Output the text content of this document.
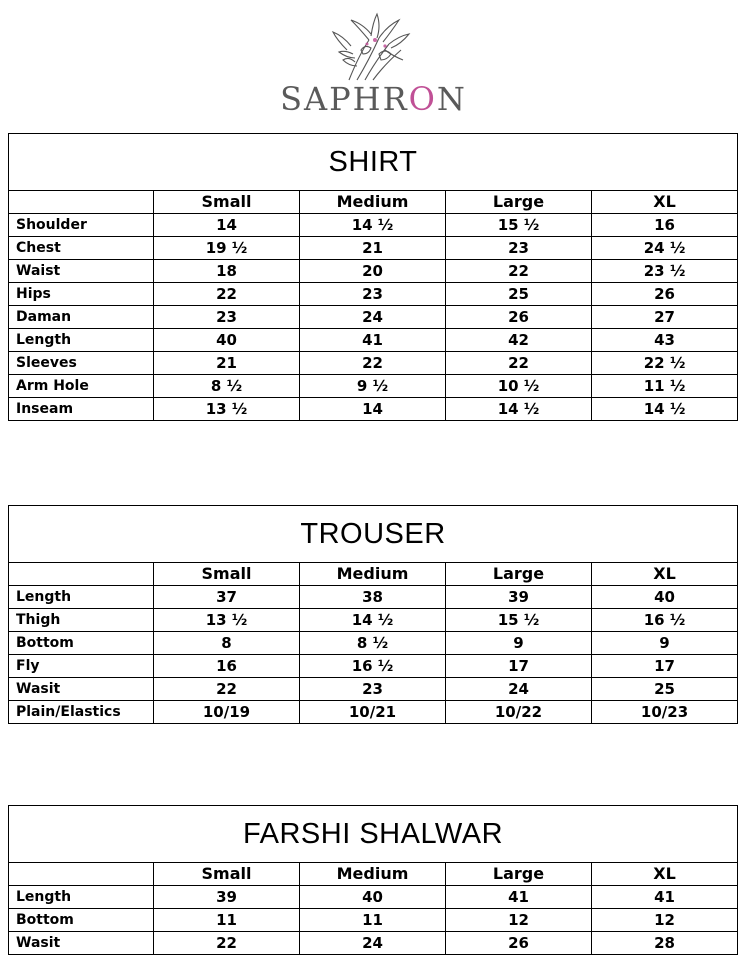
SAPHRON
SHIRT				
	Small	Medium	Large	XL
Shoulder	14	14 ½	15 ½	16
Chest	19 ½	21	23	24 ½
Waist	18	20	22	23 ½
Hips	22	23	25	26
Daman	23	24	26	27
Length	40	41	42	43
Sleeves	21	22	22	22 ½
Arm Hole	8 ½	9 ½	10 ½	11 ½
Inseam	13 ½	14	14 ½	14 ½
TROUSER				
	Small	Medium	Large	XL
Length	37	38	39	40
Thigh	13 ½	14 ½	15 ½	16 ½
Bottom	8	8 ½	9	9
Fly	16	16 ½	17	17
Wasit	22	23	24	25
Plain/Elastics	10/19	10/21	10/22	10/23
FARSHI SHALWAR				
	Small	Medium	Large	XL
Length	39	40	41	41
Bottom	11	11	12	12
Wasit	22	24	26	28
